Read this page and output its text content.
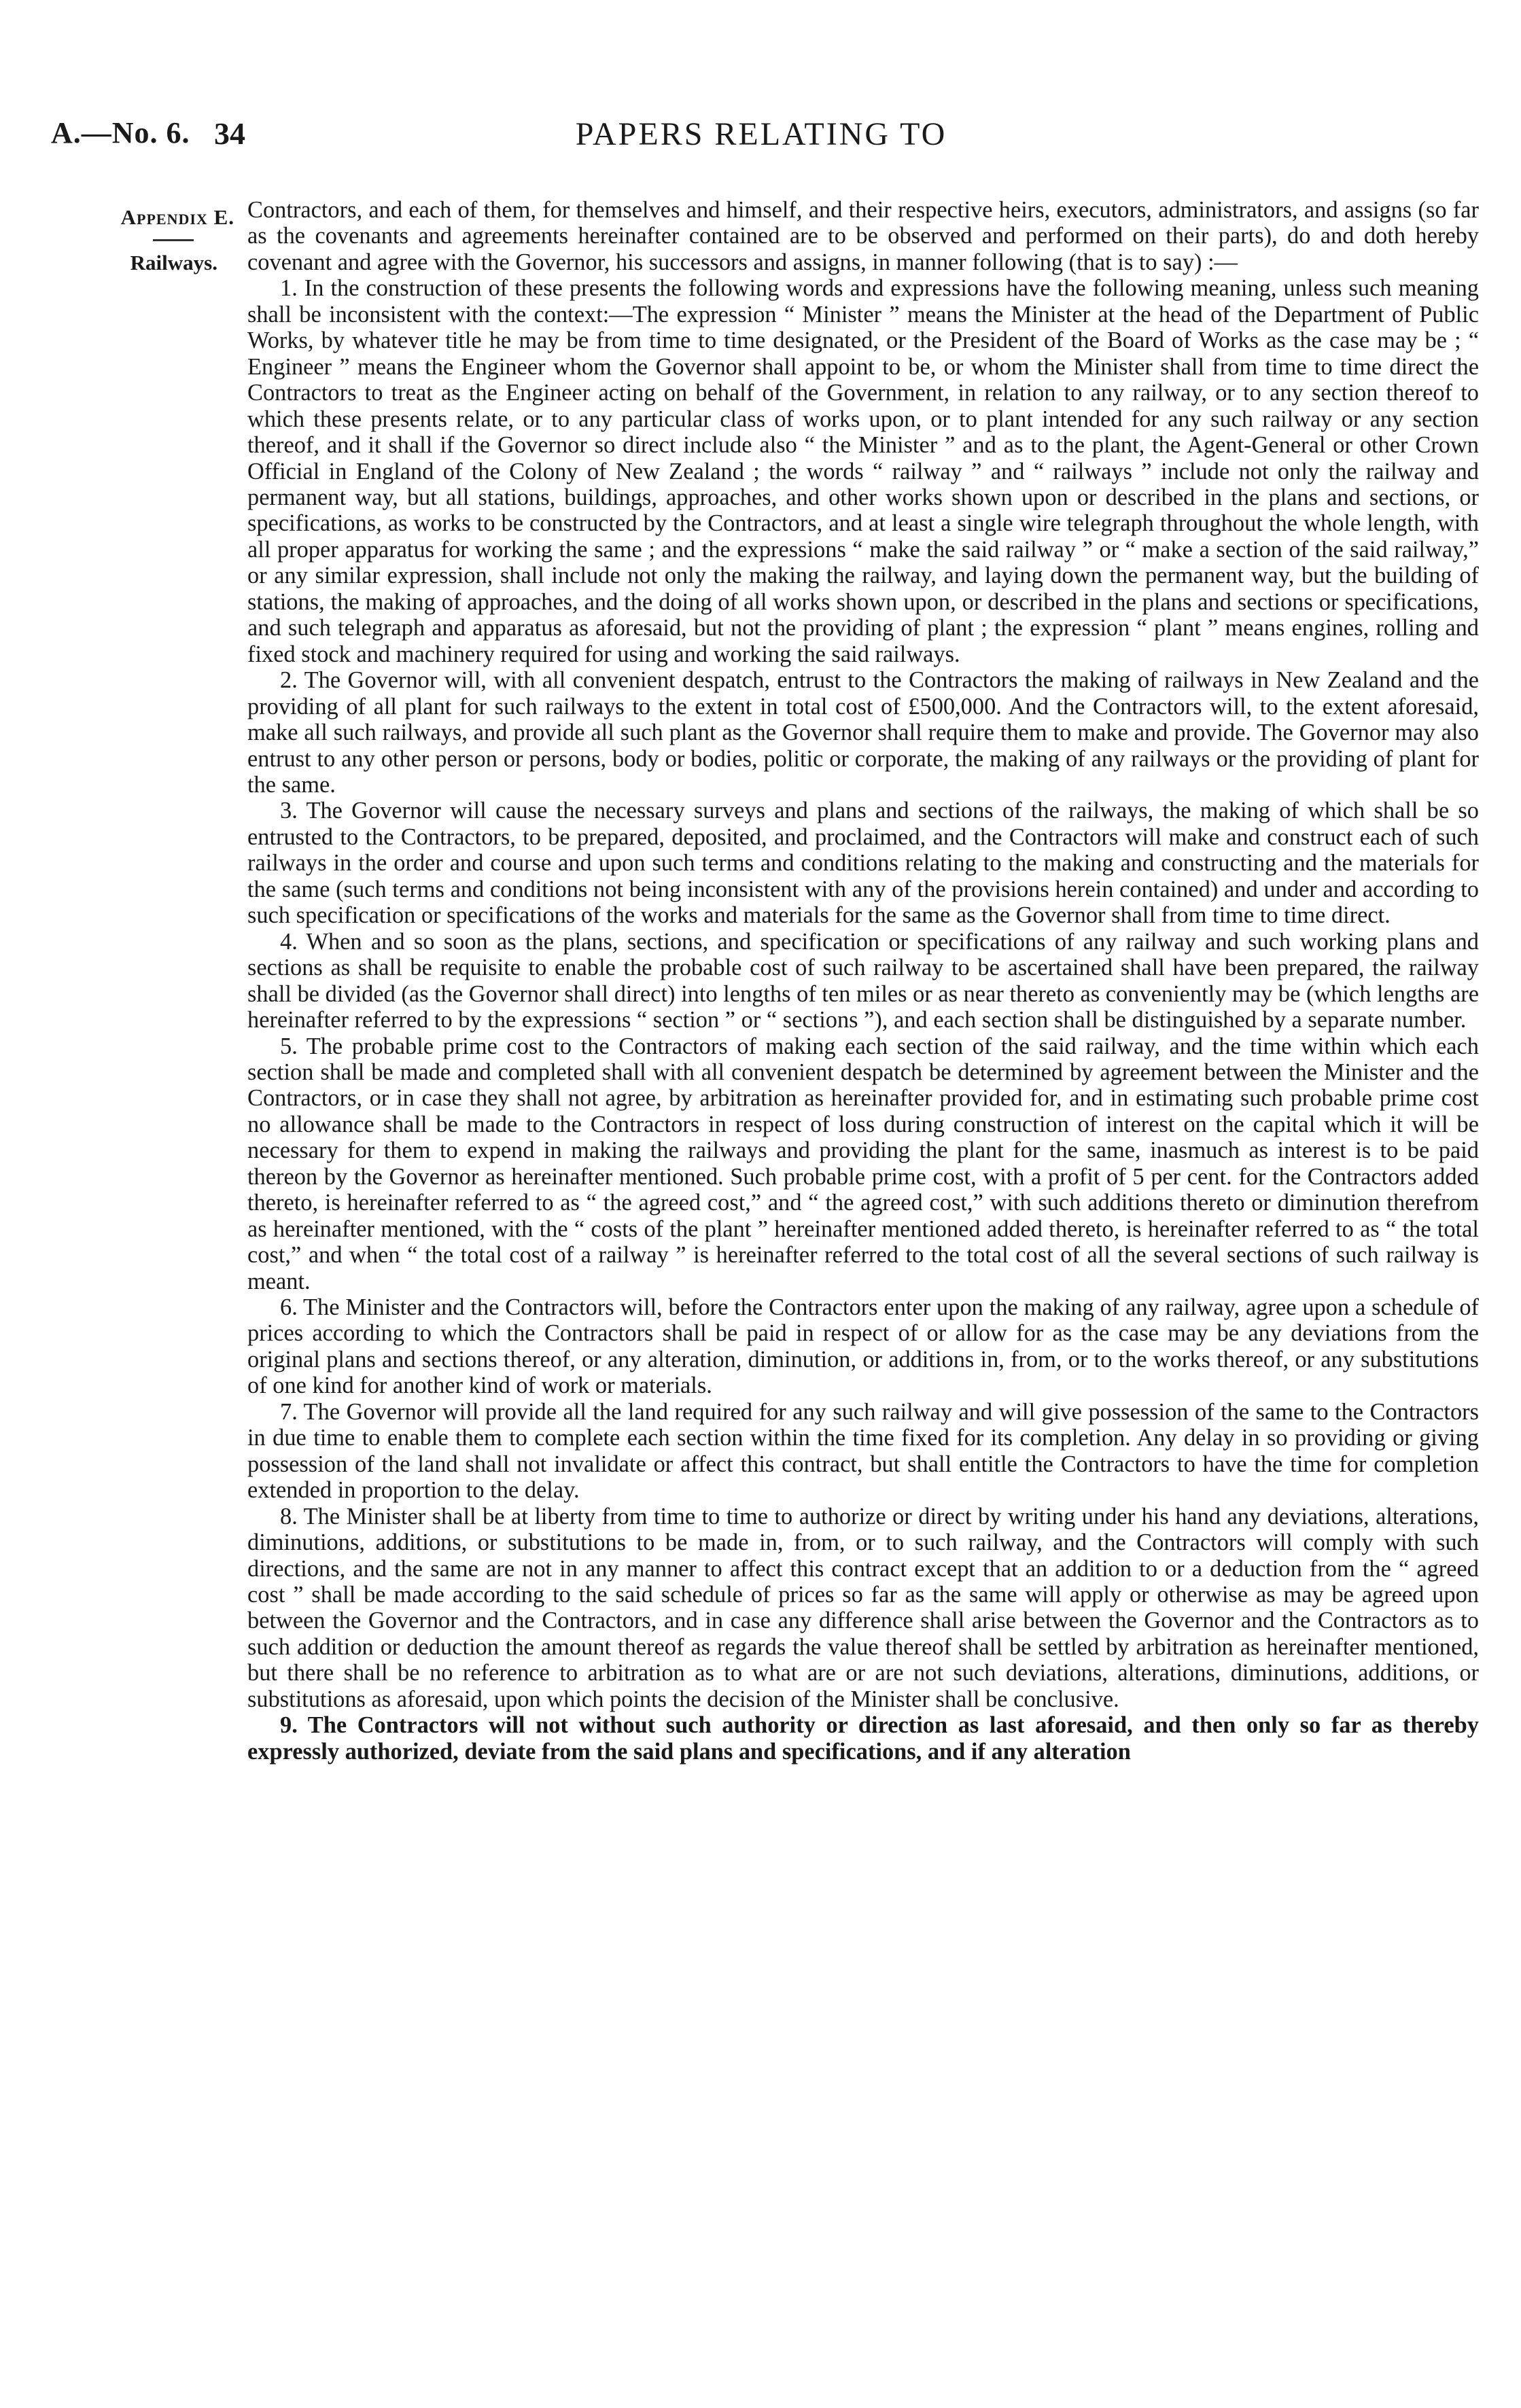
PAPERS RELATING TO
A.—No. 6. 34
Appendix E.
Railways.

Contractors, and each of them, for themselves and himself, and their respective heirs, executors, administrators, and assigns (so far as the covenants and agreements hereinafter contained are to be observed and performed on their parts), do and doth hereby covenant and agree with the Governor, his successors and assigns, in manner following (that is to say) :—

1. In the construction of these presents the following words and expressions have the following meaning, unless such meaning shall be inconsistent with the context:—The expression “ Minister ” means the Minister at the head of the Department of Public Works, by whatever title he may be from time to time designated, or the President of the Board of Works as the case may be ; “ Engineer ” means the Engineer whom the Governor shall appoint to be, or whom the Minister shall from time to time direct the Contractors to treat as the Engineer acting on behalf of the Government, in relation to any railway, or to any section thereof to which these presents relate, or to any particular class of works upon, or to plant intended for any such railway or any section thereof, and it shall if the Governor so direct include also “ the Minister ” and as to the plant, the Agent-General or other Crown Official in England of the Colony of New Zealand ; the words “ railway ” and “ railways ” include not only the railway and permanent way, but all stations, buildings, approaches, and other works shown upon or described in the plans and sections, or specifications, as works to be constructed by the Contractors, and at least a single wire telegraph throughout the whole length, with all proper apparatus for working the same ; and the expressions “ make the said railway ” or “ make a section of the said railway,” or any similar expression, shall include not only the making the railway, and laying down the permanent way, but the building of stations, the making of approaches, and the doing of all works shown upon, or described in the plans and sections or specifications, and such telegraph and apparatus as aforesaid, but not the providing of plant ; the expression “ plant ” means engines, rolling and fixed stock and machinery required for using and working the said railways.

2. The Governor will, with all convenient despatch, entrust to the Contractors the making of railways in New Zealand and the providing of all plant for such railways to the extent in total cost of £500,000. And the Contractors will, to the extent aforesaid, make all such railways, and provide all such plant as the Governor shall require them to make and provide. The Governor may also entrust to any other person or persons, body or bodies, politic or corporate, the making of any railways or the providing of plant for the same.

3. The Governor will cause the necessary surveys and plans and sections of the railways, the making of which shall be so entrusted to the Contractors, to be prepared, deposited, and proclaimed, and the Contractors will make and construct each of such railways in the order and course and upon such terms and conditions relating to the making and constructing and the materials for the same (such terms and conditions not being inconsistent with any of the provisions herein contained) and under and according to such specification or specifications of the works and materials for the same as the Governor shall from time to time direct.

4. When and so soon as the plans, sections, and specification or specifications of any railway and such working plans and sections as shall be requisite to enable the probable cost of such railway to be ascertained shall have been prepared, the railway shall be divided (as the Governor shall direct) into lengths of ten miles or as near thereto as conveniently may be (which lengths are hereinafter referred to by the expressions “ section ” or “ sections ”), and each section shall be distinguished by a separate number.

5. The probable prime cost to the Contractors of making each section of the said railway, and the time within which each section shall be made and completed shall with all convenient despatch be determined by agreement between the Minister and the Contractors, or in case they shall not agree, by arbitration as hereinafter provided for, and in estimating such probable prime cost no allowance shall be made to the Contractors in respect of loss during construction of interest on the capital which it will be necessary for them to expend in making the railways and providing the plant for the same, inasmuch as interest is to be paid thereon by the Governor as hereinafter mentioned. Such probable prime cost, with a profit of 5 per cent. for the Contractors added thereto, is hereinafter referred to as “ the agreed cost,” and “ the agreed cost,” with such additions thereto or diminution therefrom as hereinafter mentioned, with the “ costs of the plant ” hereinafter mentioned added thereto, is hereinafter referred to as “ the total cost,” and when “ the total cost of a railway ” is hereinafter referred to the total cost of all the several sections of such railway is meant.

6. The Minister and the Contractors will, before the Contractors enter upon the making of any railway, agree upon a schedule of prices according to which the Contractors shall be paid in respect of or allow for as the case may be any deviations from the original plans and sections thereof, or any alteration, diminution, or additions in, from, or to the works thereof, or any substitutions of one kind for another kind of work or materials.

7. The Governor will provide all the land required for any such railway and will give possession of the same to the Contractors in due time to enable them to complete each section within the time fixed for its completion. Any delay in so providing or giving possession of the land shall not invalidate or affect this contract, but shall entitle the Contractors to have the time for completion extended in proportion to the delay.

8. The Minister shall be at liberty from time to time to authorize or direct by writing under his hand any deviations, alterations, diminutions, additions, or substitutions to be made in, from, or to such railway, and the Contractors will comply with such directions, and the same are not in any manner to affect this contract except that an addition to or a deduction from the “ agreed cost ” shall be made according to the said schedule of prices so far as the same will apply or otherwise as may be agreed upon between the Governor and the Contractors, and in case any difference shall arise between the Governor and the Contractors as to such addition or deduction the amount thereof as regards the value thereof shall be settled by arbitration as hereinafter mentioned, but there shall be no reference to arbitration as to what are or are not such deviations, alterations, diminutions, additions, or substitutions as aforesaid, upon which points the decision of the Minister shall be conclusive.

9. The Contractors will not without such authority or direction as last aforesaid, and then only so far as thereby expressly authorized, deviate from the said plans and specifications, and if any alteration
